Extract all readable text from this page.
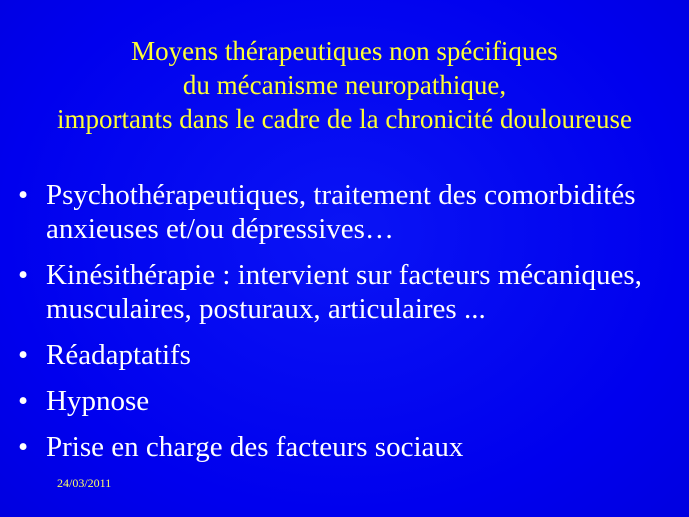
Moyens thérapeutiques non spécifiques
du mécanisme neuropathique,
importants dans le cadre de la chronicité douloureuse
• Psychothérapeutiques, traitement des comorbidités
anxieuses et/ou dépressives…
• Kinésithérapie : intervient sur facteurs mécaniques,
musculaires, posturaux, articulaires ...
• Réadaptatifs
• Hypnose
• Prise en charge des facteurs sociaux
24/03/2011
